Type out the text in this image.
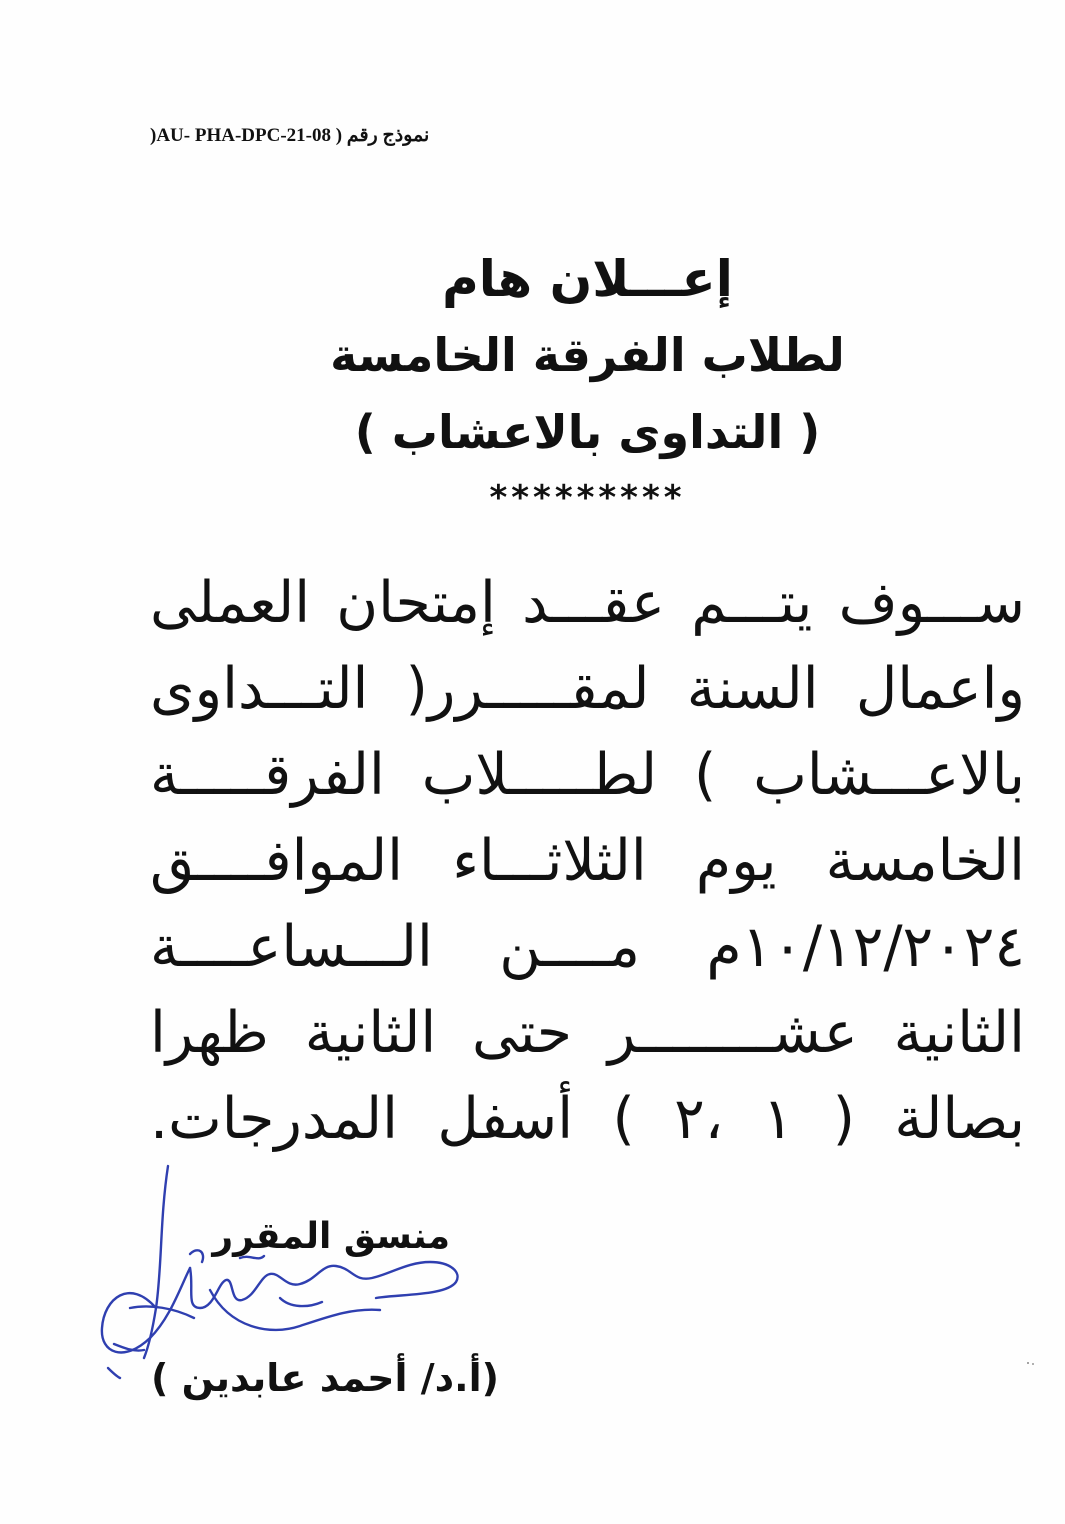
نموذج رقم ( AU- PHA-DPC-21-08(
إعـــلان هام
لطلاب الفرقة الخامسة
( التداوى بالاعشاب )
*********
ســـوف يتـــم عقـــد إمتحان العملى
واعمال السنة لمقـــــرر( التـــداوى
بالاعـــشاب ) لطـــــلاب الفرقـــــة
الخامسة يوم الثلاثـــاء الموافــــق
١٠/١٢/٢٠٢٤م مــــن الـــساعــــة
الثانية عشــــــــر حتى الثانية ظهرا
بصالة ( ١ ،٢ ) أسفل المدرجات.
منسق المقرر
(أ.د/ أحمد عابدين )
